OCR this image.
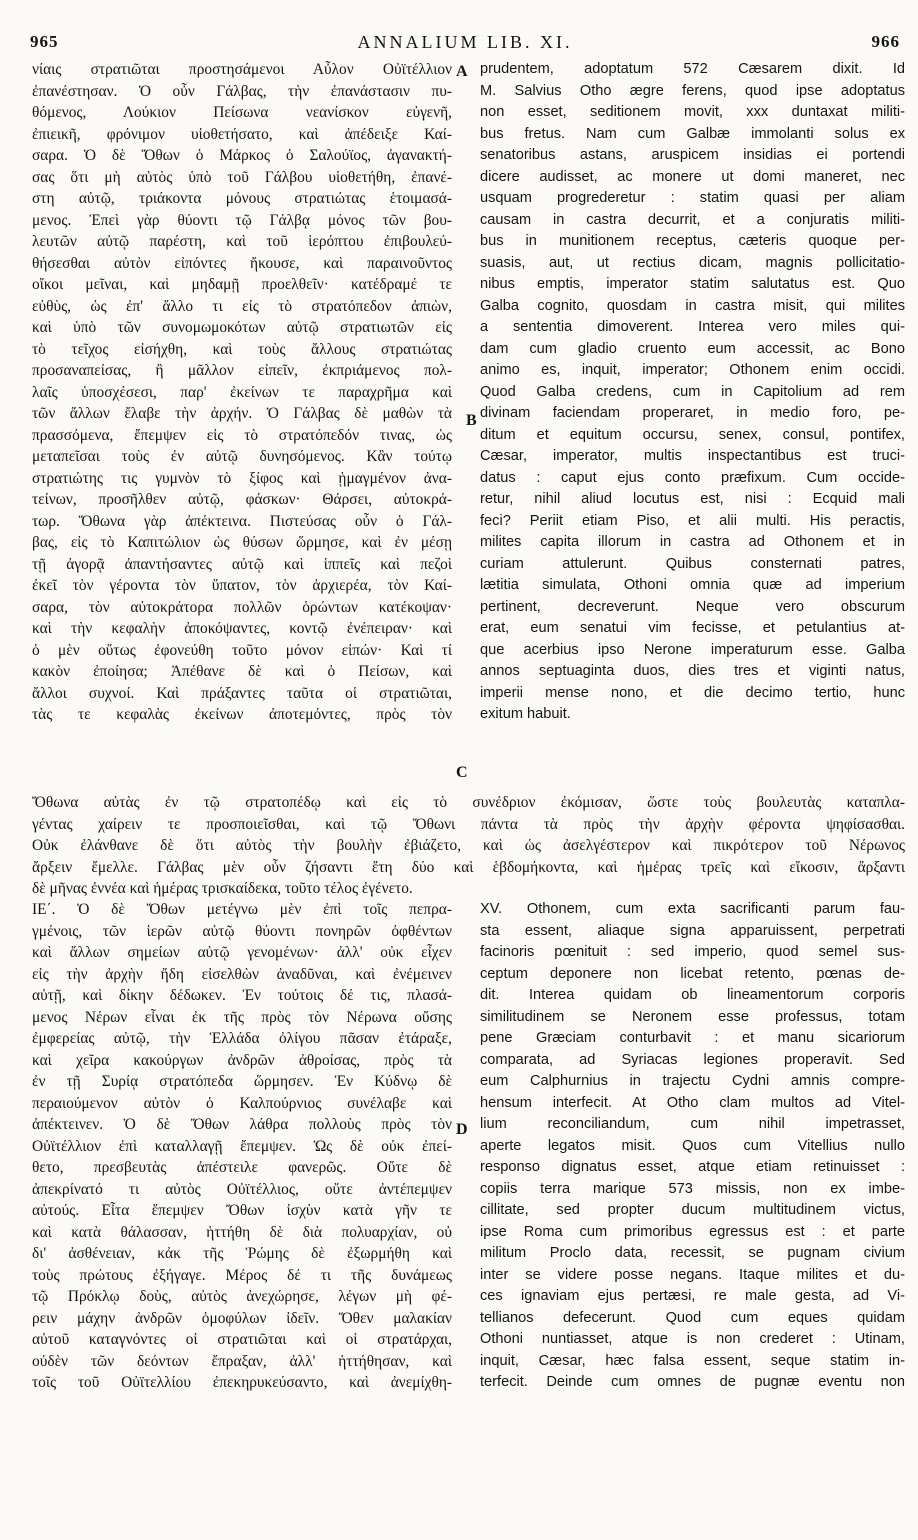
965	ANNALIUM LIB. XI.	966
νίαις στρατιῶται προστησάμενοι Αὖλον Οὐϊτέλλιον
ἐπανέστησαν. Ὁ οὖν Γάλβας, τὴν ἐπανάστασιν πυ-
θόμενος, Λούκιον Πείσωνα νεανίσκον εὐγενῆ,
ἐπιεικῆ, φρόνιμον υἱοθετήσατο, καὶ ἀπέδειξε Καί-
σαρα. Ὁ δὲ Ὄθων ὁ Μάρκος ὁ Σαλούϊος, ἀγανακτή-
σας ὅτι μὴ αὐτὸς ὑπὸ τοῦ Γάλβου υἱοθετήθη, ἐπανέ-
στη αὐτῷ, τριάκοντα μόνους στρατιώτας ἑτοιμασά-
μενος. Ἐπεὶ γὰρ θύοντι τῷ Γάλβᾳ μόνος τῶν βου-
λευτῶν αὐτῷ παρέστη, καὶ τοῦ ἱερόπτου ἐπιβουλεύ-
θήσεσθαι αὐτὸν εἰπόντες ἤκουσε, καὶ παραινοῦντος
οἴκοι μεῖναι, καὶ μηδαμῇ προελθεῖν· κατέδραμέ τε
εὐθὺς, ὡς ἐπ' ἄλλο τι εἰς τὸ στρατόπεδον ἀπιὼν,
καὶ ὑπὸ τῶν συνομωμοκότων αὐτῷ στρατιωτῶν εἰς
τὸ τεῖχος εἰσήχθη, καὶ τοὺς ἄλλους στρατιώτας
προσαναπείσας, ἢ μᾶλλον εἰπεῖν, ἐκπριάμενος πολ-
λαῖς ὑποσχέσεσι, παρ' ἐκείνων τε παραχρῆμα καὶ
τῶν ἄλλων ἔλαβε τὴν ἀρχήν. Ὁ Γάλβας δὲ μαθὼν τὰ
πρασσόμενα, ἔπεμψεν εἰς τὸ στρατόπεδόν τινας, ὡς
μεταπεῖσαι τοὺς ἐν αὐτῷ δυνησόμενος. Κἂν τούτῳ
στρατιώτης τις γυμνὸν τὸ ξίφος καὶ ᾑμαγμένον ἀνα-
τείνων, προσῆλθεν αὐτῷ, φάσκων· Θάρσει, αὐτοκρά-
τωρ. Ὄθωνα γὰρ ἀπέκτεινα. Πιστεύσας οὖν ὁ Γάλ-
βας, εἰς τὸ Καπιτώλιον ὡς θύσων ὥρμησε, καὶ ἐν μέσῃ
τῇ ἀγορᾷ ἀπαντήσαντες αὐτῷ καὶ ἱππεῖς καὶ πεζοὶ
ἐκεῖ τὸν γέροντα τὸν ὕπατον, τὸν ἀρχιερέα, τὸν Καί-
σαρα, τὸν αὐτοκράτορα πολλῶν ὁρώντων κατέκοψαν·
καὶ τὴν κεφαλὴν ἀποκόψαντες, κοντῷ ἐνέπειραν· καὶ
ὁ μὲν οὕτως ἐφονεύθη τοῦτο μόνον εἰπών· Καὶ τί
κακὸν ἐποίησα; Ἀπέθανε δὲ καὶ ὁ Πείσων, καὶ
ἄλλοι συχνοί. Καὶ πράξαντες ταῦτα οἱ στρατιῶται,
τὰς τε κεφαλὰς ἐκείνων ἀποτεμόντες, πρὸς τὸν
prudentem, adoptatum 572 Cæsarem dixit. Id
M. Salvius Otho ægre ferens, quod ipse adoptatus
non esset, seditionem movit, xxx duntaxat militi-
bus fretus. Nam cum Galbæ immolanti solus ex
senatoribus astans, aruspicem insidias ei portendi
dicere audisset, ac monere ut domi maneret, nec
usquam progrederetur : statim quasi per aliam
causam in castra decurrit, et a conjuratis militi-
bus in munitionem receptus, cæteris quoque per-
suasis, aut, ut rectius dicam, magnis pollicitatio-
nibus emptis, imperator statim salutatus est. Quo
Galba cognito, quosdam in castra misit, qui milites
a sententia dimoverent. Interea vero miles qui-
dam cum gladio cruento eum accessit, ac Bono
animo es, inquit, imperator; Othonem enim occidi.
Quod Galba credens, cum in Capitolium ad rem
divinam faciendam properaret, in medio foro, pe-
ditum et equitum occursu, senex, consul, pontifex,
Cæsar, imperator, multis inspectantibus est truci-
datus : caput ejus conto præfixum. Cum occide-
retur, nihil aliud locutus est, nisi : Ecquid mali
feci? Periit etiam Piso, et alii multi. His peractis,
milites capita illorum in castra ad Othonem et in
curiam attulerunt. Quibus consternati patres,
lætitia simulata, Othoni omnia quæ ad imperium
pertinent, decreverunt. Neque vero obscurum
erat, eum senatui vim fecisse, et petulantius at-
que acerbius ipso Nerone imperaturum esse. Galba
annos septuaginta duos, dies tres et viginti natus,
imperii mense nono, et die decimo tertio, hunc
exitum habuit.
Ὄθωνα αὐτὰς ἐν τῷ στρατοπέδῳ καὶ εἰς τὸ συνέδριον ἐκόμισαν, ὥστε τοὺς βουλευτὰς καταπλα-
γέντας χαίρειν τε προσποιεῖσθαι, καὶ τῷ Ὄθωνι πάντα τὰ πρὸς τὴν ἀρχὴν φέροντα ψηφίσασθαι.
Οὐκ ἐλάνθανε δὲ ὅτι αὐτὸς τὴν βουλὴν ἐβιάζετο, καὶ ὡς ἀσελγέστερον καὶ πικρότερον τοῦ Νέρωνος
ἄρξειν ἔμελλε. Γάλβας μὲν οὖν ζήσαντι ἔτη δύο καὶ ἑβδομήκοντα, καὶ ἡμέρας τρεῖς καὶ εἴκοσιν, ἄρξαντι
δὲ μῆνας ἐννέα καὶ ἡμέρας τρισκαίδεκα, τοῦτο τέλος ἐγένετο.
ΙΕ΄. Ὁ δὲ Ὄθων μετέγνω μὲν ἐπὶ τοῖς πεπρα-
γμένοις, τῶν ἱερῶν αὐτῷ θύοντι πονηρῶν ὀφθέντων
καὶ ἄλλων σημείων αὐτῷ γενομένων· ἀλλ' οὐκ εἶχεν
εἰς τὴν ἀρχὴν ἤδη εἰσελθὼν ἀναδῦναι, καὶ ἐνέμεινεν
αὐτῇ, καὶ δίκην δέδωκεν. Ἐν τούτοις δέ τις, πλασά-
μενος Νέρων εἶναι ἐκ τῆς πρὸς τὸν Νέρωνα οὔσης
ἐμφερείας αὐτῷ, τὴν Ἑλλάδα ὀλίγου πᾶσαν ἐτάραξε,
καὶ χεῖρα κακούργων ἀνδρῶν ἀθροίσας, πρὸς τὰ
ἐν τῇ Συρίᾳ στρατόπεδα ὥρμησεν. Ἐν Κύδνῳ δὲ
περαιούμενον αὐτὸν ὁ Καλπούρνιος συνέλαβε καὶ
ἀπέκτεινεν. Ὁ δὲ Ὄθων λάθρα πολλοὺς πρὸς τὸν
Οὐϊτέλλιον ἐπὶ καταλλαγῇ ἔπεμψεν. Ὡς δὲ οὐκ ἐπεί-
θετο, πρεσβευτὰς ἀπέστειλε φανερῶς. Οὔτε δὲ
ἀπεκρίνατό τι αὐτὸς Οὐϊτέλλιος, οὔτε ἀντέπεμψεν
αὐτούς. Εἶτα ἔπεμψεν Ὄθων ἰσχὺν κατὰ γῆν τε
καὶ κατὰ θάλασσαν, ἡττήθη δὲ διὰ πολυαρχίαν, οὐ
δι' ἀσθένειαν, κἀκ τῆς Ῥώμης δὲ ἐξωρμήθη καὶ
τοὺς πρώτους ἐξήγαγε. Μέρος δέ τι τῆς δυνάμεως
τῷ Πρόκλῳ δοὺς, αὐτὸς ἀνεχώρησε, λέγων μὴ φέ-
ρειν μάχην ἀνδρῶν ὁμοφύλων ἰδεῖν. Ὅθεν μαλακίαν
αὐτοῦ καταγνόντες οἱ στρατιῶται καὶ οἱ στρατάρχαι,
οὐδὲν τῶν δεόντων ἔπραξαν, ἀλλ' ἡττήθησαν, καὶ
τοῖς τοῦ Οὐϊτελλίου ἐπεκηρυκεύσαντο, καὶ ἀνεμίχθη-
XV. Othonem, cum exta sacrificanti parum fau-
sta essent, aliaque signa apparuissent, perpetrati
facinoris pœnituit : sed imperio, quod semel sus-
ceptum deponere non licebat retento, pœnas de-
dit. Interea quidam ob lineamentorum corporis
similitudinem se Neronem esse professus, totam
pene Græciam conturbavit : et manu sicariorum
comparata, ad Syriacas legiones properavit. Sed
eum Calphurnius in trajectu Cydni amnis compre-
hensum interfecit. At Otho clam multos ad Vitel-
lium reconciliandum, cum nihil impetrasset,
aperte legatos misit. Quos cum Vitellius nullo
responso dignatus esset, atque etiam retinuisset :
copiis terra marique 573 missis, non ex imbe-
cillitate, sed propter ducum multitudinem victus,
ipse Roma cum primoribus egressus est : et parte
militum Proclo data, recessit, se pugnam civium
inter se videre posse negans. Itaque milites et du-
ces ignaviam ejus pertæsi, re male gesta, ad Vi-
tellianos defecerunt. Quod cum eques quidam
Othoni nuntiasset, atque is non crederet : Utinam,
inquit, Cæsar, hæc falsa essent, seque statim in-
terfecit. Deinde cum omnes de pugnæ eventu non
A
B
C
D
